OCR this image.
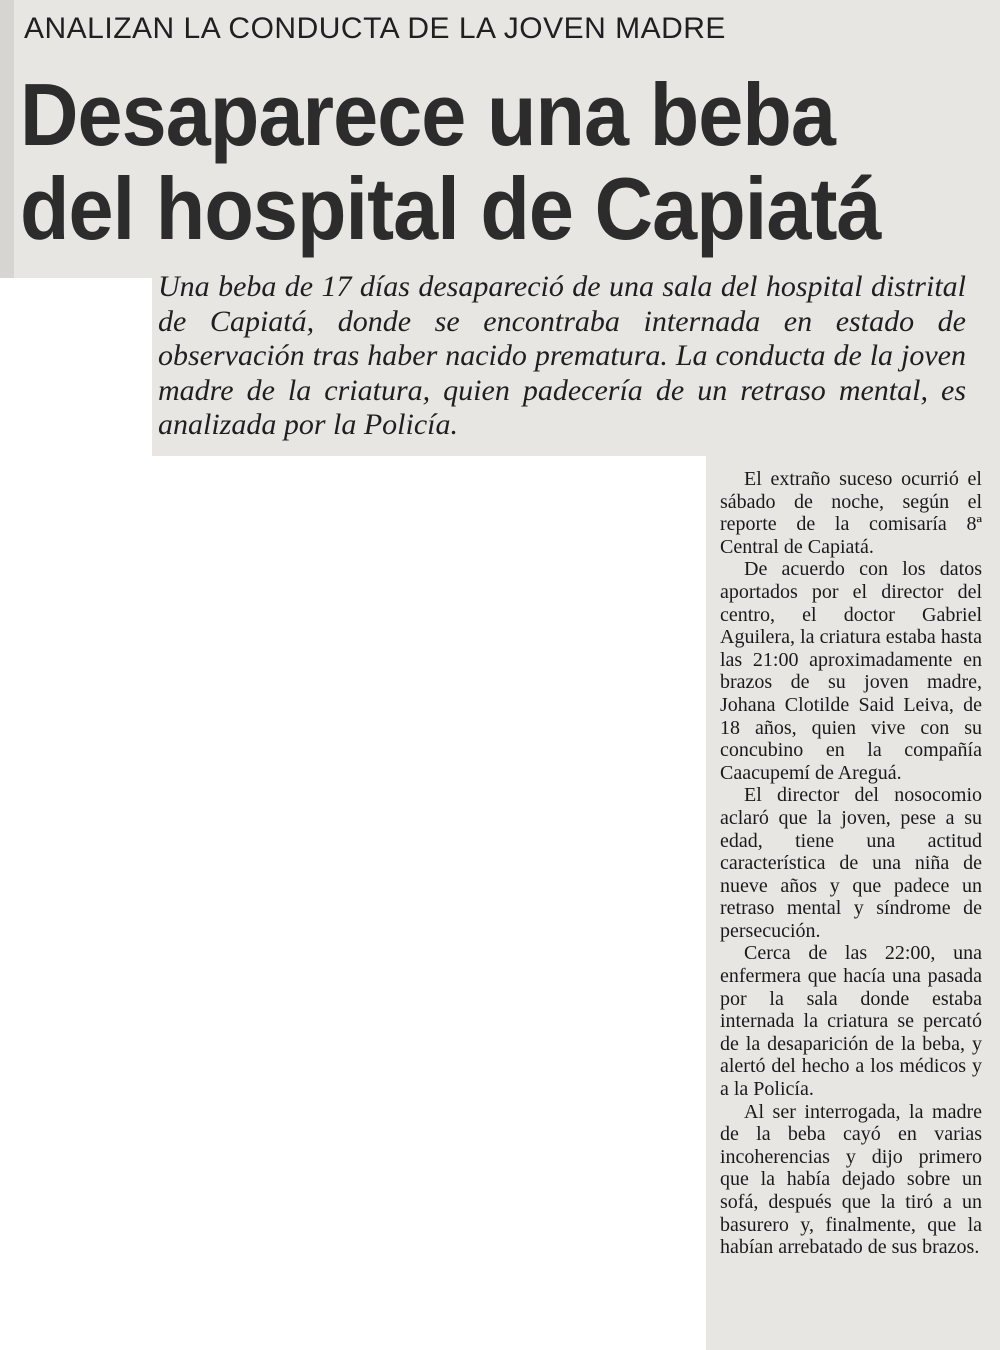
ANALIZAN LA CONDUCTA DE LA JOVEN MADRE
Desaparece una beba
del hospital de Capiatá
Una beba de 17 días desapareció de una sala del hospital distrital de Capiatá, donde se encontraba internada en estado de observación tras haber nacido prematura. La conducta de la joven madre de la criatura, quien padecería de un retraso mental, es analizada por la Policía.

El extraño suceso ocurrió el sábado de noche, según el reporte de la comisaría 8ª Central de Capiatá.

De acuerdo con los datos aportados por el director del centro, el doctor Gabriel Aguilera, la criatura estaba hasta las 21:00 aproximadamente en brazos de su joven madre, Johana Clotilde Said Leiva, de 18 años, quien vive con su concubino en la compañía Caacupemí de Areguá.

El director del nosocomio aclaró que la joven, pese a su edad, tiene una actitud característica de una niña de nueve años y que padece un retraso mental y síndrome de persecución.

Cerca de las 22:00, una enfermera que hacía una pasada por la sala donde estaba internada la criatura se percató de la desaparición de la beba, y alertó del hecho a los médicos y a la Policía.

Al ser interrogada, la madre de la beba cayó en varias incoherencias y dijo primero que la había dejado sobre un sofá, después que la tiró a un basurero y, finalmente, que la habían arrebatado de sus brazos.
